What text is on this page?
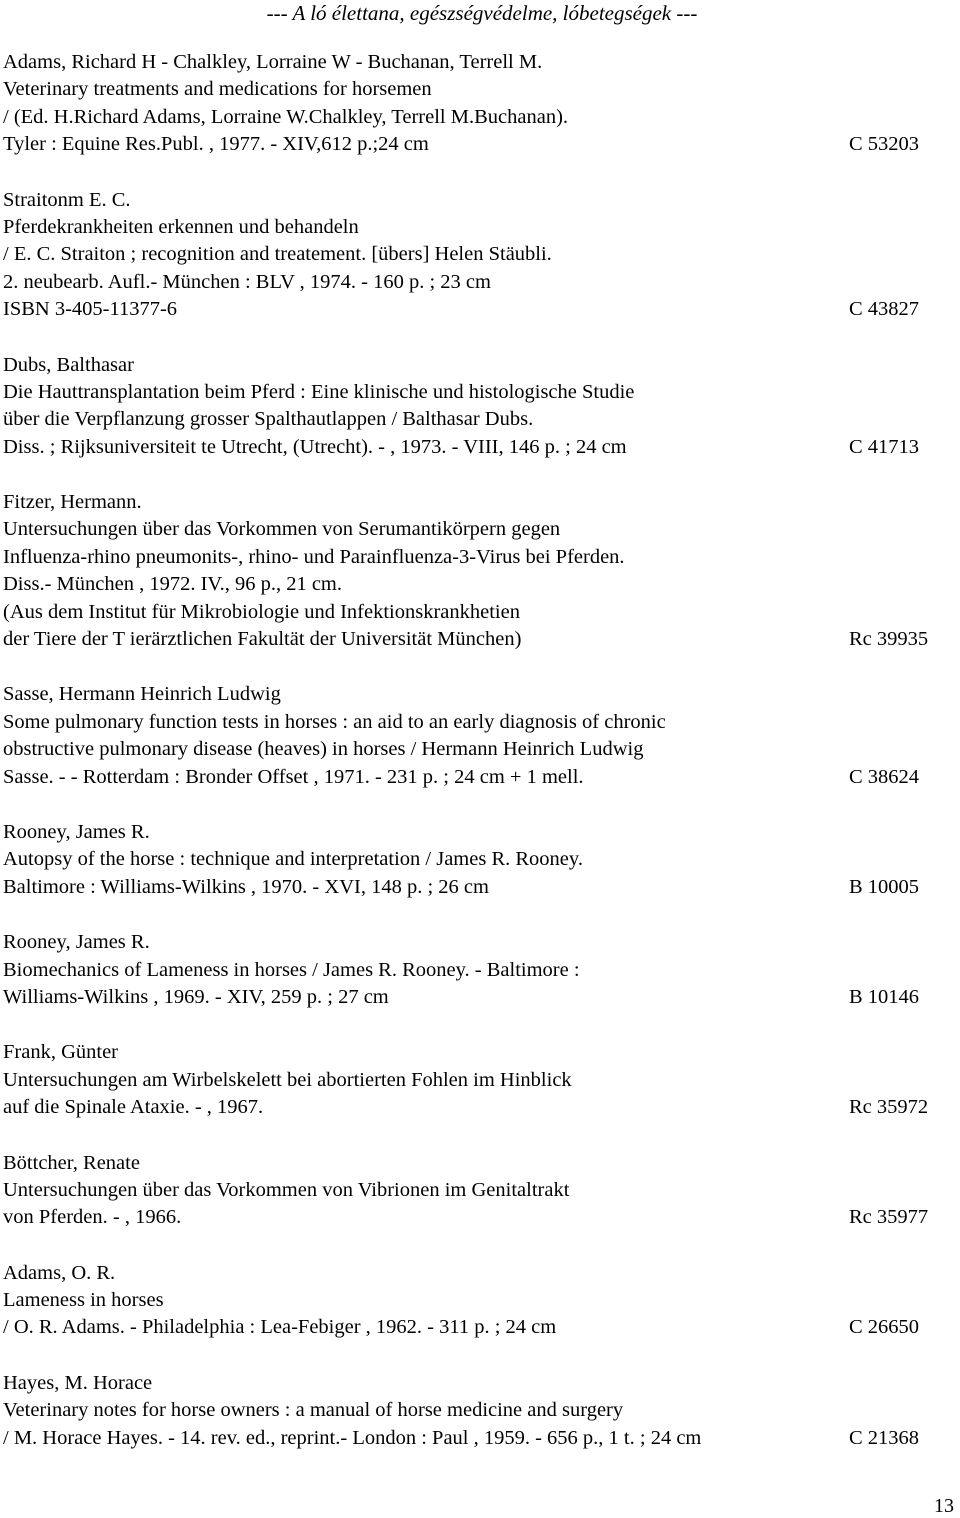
--- A ló élettana, egészségvédelme, lóbetegségek ---
Adams, Richard H - Chalkley, Lorraine W - Buchanan, Terrell M.
Veterinary treatments and medications for horsemen
/ (Ed. H.Richard Adams, Lorraine W.Chalkley, Terrell M.Buchanan).
Tyler : Equine Res.Publ. , 1977. - XIV,612 p.;24 cm	C 53203
Straitonm E. C.
Pferdekrankheiten erkennen und behandeln
/ E. C. Straiton ; recognition and treatement. [übers] Helen Stäubli.
2. neubearb. Aufl.- München : BLV , 1974. - 160 p. ; 23 cm
ISBN 3-405-11377-6	C 43827
Dubs, Balthasar
Die Hauttransplantation beim Pferd : Eine klinische und histologische Studie
über die Verpflanzung grosser Spalthautlappen / Balthasar Dubs.
Diss. ; Rijksuniversiteit te Utrecht, (Utrecht). - , 1973. - VIII, 146 p. ; 24 cm	C 41713
Fitzer, Hermann.
Untersuchungen über das Vorkommen von Serumantikörpern gegen
Influenza-rhino pneumonits-, rhino- und Parainfluenza-3-Virus bei Pferden.
Diss.- München , 1972. IV., 96 p., 21 cm.
(Aus dem Institut für Mikrobiologie und Infektionskrankhetien
der Tiere der T ierärztlichen Fakultät der Universität München)	Rc 39935
Sasse, Hermann Heinrich Ludwig
Some pulmonary function tests in horses : an aid to an early diagnosis of chronic
obstructive pulmonary disease (heaves) in horses / Hermann Heinrich Ludwig
Sasse. - - Rotterdam : Bronder Offset , 1971. - 231 p. ; 24 cm + 1 mell.	C 38624
Rooney, James R.
Autopsy of the horse : technique and interpretation / James R. Rooney.
Baltimore : Williams-Wilkins , 1970. - XVI, 148 p. ; 26 cm	B 10005
Rooney, James R.
Biomechanics of Lameness in horses / James R. Rooney. - Baltimore :
Williams-Wilkins , 1969. - XIV, 259 p. ; 27 cm	B 10146
Frank, Günter
Untersuchungen am Wirbelskelett bei abortierten Fohlen im Hinblick
auf die Spinale Ataxie. - , 1967.	Rc 35972
Böttcher, Renate
Untersuchungen über das Vorkommen von Vibrionen im Genitaltrakt
von Pferden. - , 1966.	Rc 35977
Adams, O. R.
Lameness in horses
/ O. R. Adams. - Philadelphia : Lea-Febiger , 1962. - 311 p. ; 24 cm	C 26650
Hayes, M. Horace
Veterinary notes for horse owners : a manual of horse medicine and surgery
/ M. Horace Hayes. - 14. rev. ed., reprint.- London : Paul , 1959. - 656 p., 1 t. ; 24 cm	C 21368
13
